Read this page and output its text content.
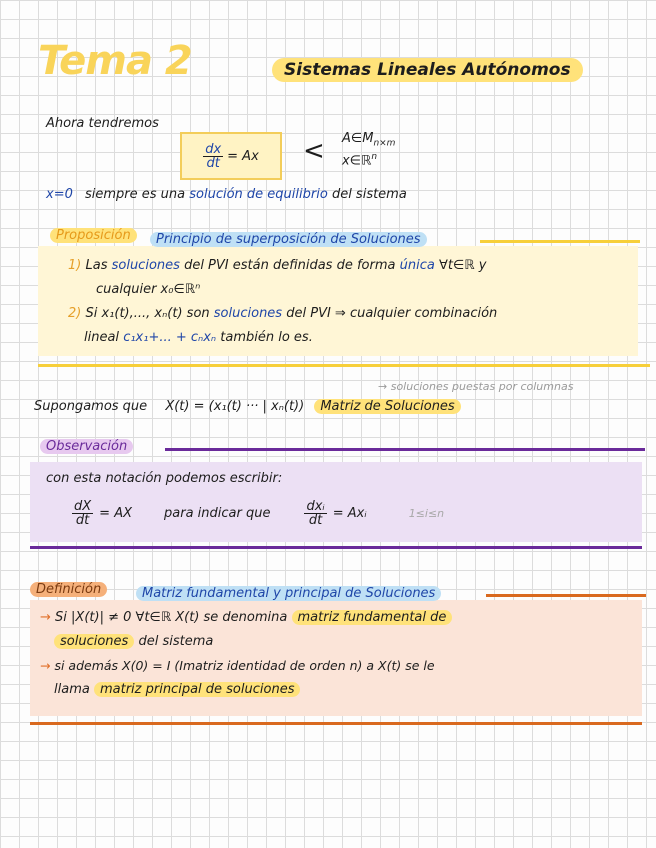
Tema 2	Sistemas Lineales Autónomos
Ahora tendremos
$\frac{dx}{dt} = Ax$ < $A\in M_{n\times m}$
x∈ℝ$^n$
x=0 siempre es una solución de equilibrio del sistema
Proposición	Principio de superposición de Soluciones
1) Las soluciones del PVI están definidas de forma única ∀t∈ℝ y
cualquier x₀∈ℝⁿ
2) Si x₁(t),..., xₙ(t) son soluciones del PVI ⇒ cualquier combinación
lineal c₁x₁+... + cₙxₙ también lo es.
→ soluciones puestas por columnas
Supongamos que X(t) = (x₁(t) ··· | xₙ(t)) Matriz de Soluciones
Observación
con esta notación podemos escribir:
$\frac{dX}{dt}$ = AX para indicar que	$\frac{\text{dxᵢ}}{dt}$ = Axᵢ	1≤i≤n
Definición	Matriz fundamental y principal de Soluciones
→ Si |X(t)| ≠ 0 ∀t∈ℝ X(t) se denomina matriz fundamental de
soluciones del sistema
→ si además X(0) = I (Imatriz identidad de orden n) a X(t) se le
llama matriz principal de soluciones
